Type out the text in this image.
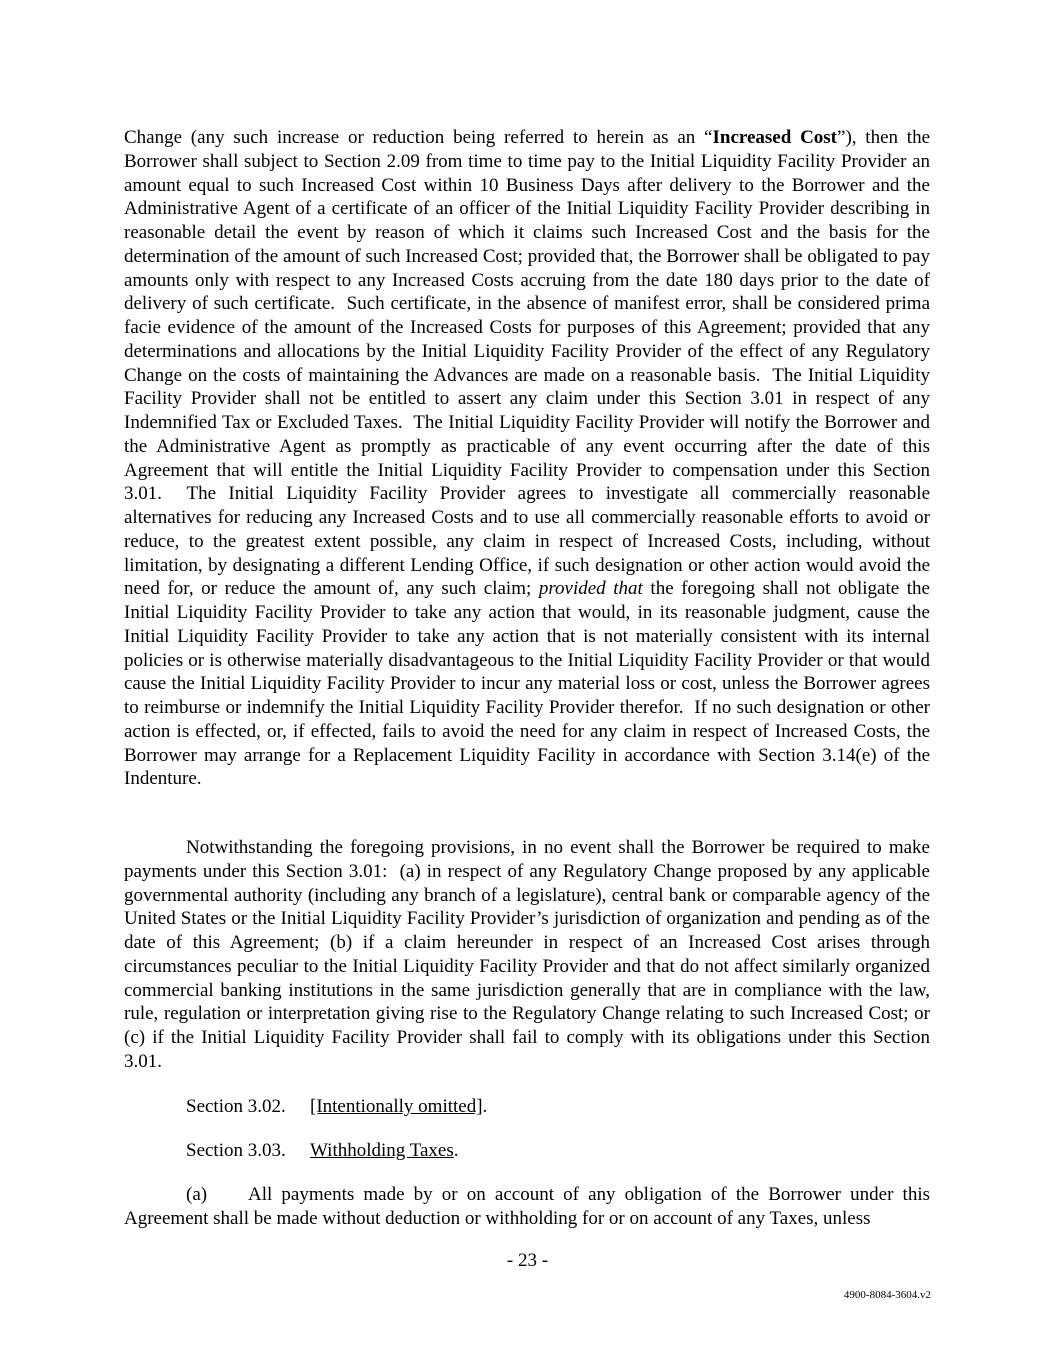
Change (any such increase or reduction being referred to herein as an “Increased Cost”), then the Borrower shall subject to Section 2.09 from time to time pay to the Initial Liquidity Facility Provider an amount equal to such Increased Cost within 10 Business Days after delivery to the Borrower and the Administrative Agent of a certificate of an officer of the Initial Liquidity Facility Provider describing in reasonable detail the event by reason of which it claims such Increased Cost and the basis for the determination of the amount of such Increased Cost; provided that, the Borrower shall be obligated to pay amounts only with respect to any Increased Costs accruing from the date 180 days prior to the date of delivery of such certificate.  Such certificate, in the absence of manifest error, shall be considered prima facie evidence of the amount of the Increased Costs for purposes of this Agreement; provided that any determinations and allocations by the Initial Liquidity Facility Provider of the effect of any Regulatory Change on the costs of maintaining the Advances are made on a reasonable basis.  The Initial Liquidity Facility Provider shall not be entitled to assert any claim under this Section 3.01 in respect of any Indemnified Tax or Excluded Taxes.  The Initial Liquidity Facility Provider will notify the Borrower and the Administrative Agent as promptly as practicable of any event occurring after the date of this Agreement that will entitle the Initial Liquidity Facility Provider to compensation under this Section 3.01.  The Initial Liquidity Facility Provider agrees to investigate all commercially reasonable alternatives for reducing any Increased Costs and to use all commercially reasonable efforts to avoid or reduce, to the greatest extent possible, any claim in respect of Increased Costs, including, without limitation, by designating a different Lending Office, if such designation or other action would avoid the need for, or reduce the amount of, any such claim; provided that the foregoing shall not obligate the Initial Liquidity Facility Provider to take any action that would, in its reasonable judgment, cause the Initial Liquidity Facility Provider to take any action that is not materially consistent with its internal policies or is otherwise materially disadvantageous to the Initial Liquidity Facility Provider or that would cause the Initial Liquidity Facility Provider to incur any material loss or cost, unless the Borrower agrees to reimburse or indemnify the Initial Liquidity Facility Provider therefor.  If no such designation or other action is effected, or, if effected, fails to avoid the need for any claim in respect of Increased Costs, the Borrower may arrange for a Replacement Liquidity Facility in accordance with Section 3.14(e) of the Indenture.

Notwithstanding the foregoing provisions, in no event shall the Borrower be required to make payments under this Section 3.01:  (a) in respect of any Regulatory Change proposed by any applicable governmental authority (including any branch of a legislature), central bank or comparable agency of the United States or the Initial Liquidity Facility Provider’s jurisdiction of organization and pending as of the date of this Agreement; (b) if a claim hereunder in respect of an Increased Cost arises through circumstances peculiar to the Initial Liquidity Facility Provider and that do not affect similarly organized commercial banking institutions in the same jurisdiction generally that are in compliance with the law, rule, regulation or interpretation giving rise to the Regulatory Change relating to such Increased Cost; or (c) if the Initial Liquidity Facility Provider shall fail to comply with its obligations under this Section 3.01.

Section 3.02. [Intentionally omitted].
Section 3.03. Withholding Taxes.

(a) All payments made by or on account of any obligation of the Borrower under this Agreement shall be made without deduction or withholding for or on account of any Taxes, unless

- 23 -
4900-8084-3604.v2
